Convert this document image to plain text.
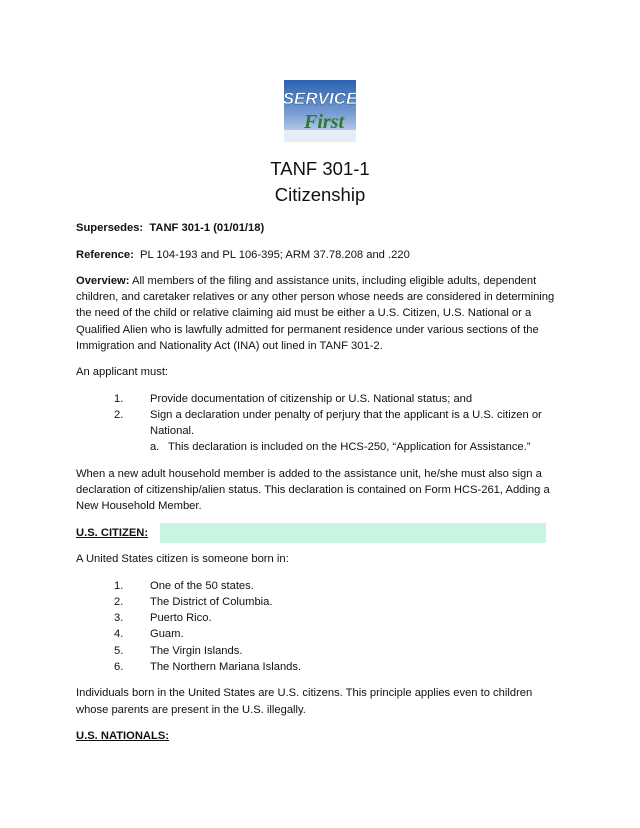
SERVICE
First
TANF 301-1
Citizenship

Supersedes: TANF 301-1 (01/01/18)

Reference: PL 104-193 and PL 106-395; ARM 37.78.208 and .220

Overview: All members of the filing and assistance units, including eligible adults, dependent children, and caretaker relatives or any other person whose needs are considered in determining the need of the child or relative claiming aid must be either a U.S. Citizen, U.S. National or a Qualified Alien who is lawfully admitted for permanent residence under various sections of the Immigration and Nationality Act (INA) out lined in TANF 301-2.

An applicant must:

1. Provide documentation of citizenship or U.S. National status; and
2. Sign a declaration under penalty of perjury that the applicant is a U.S. citizen or National.
a. This declaration is included on the HCS-250, “Application for Assistance.”

When a new adult household member is added to the assistance unit, he/she must also sign a declaration of citizenship/alien status. This declaration is contained on Form HCS-261, Adding a New Household Member.

U.S. CITIZEN:

A United States citizen is someone born in:

1. One of the 50 states.
2. The District of Columbia.
3. Puerto Rico.
4. Guam.
5. The Virgin Islands.
6. The Northern Mariana Islands.

Individuals born in the United States are U.S. citizens. This principle applies even to children whose parents are present in the U.S. illegally.

U.S. NATIONALS:
